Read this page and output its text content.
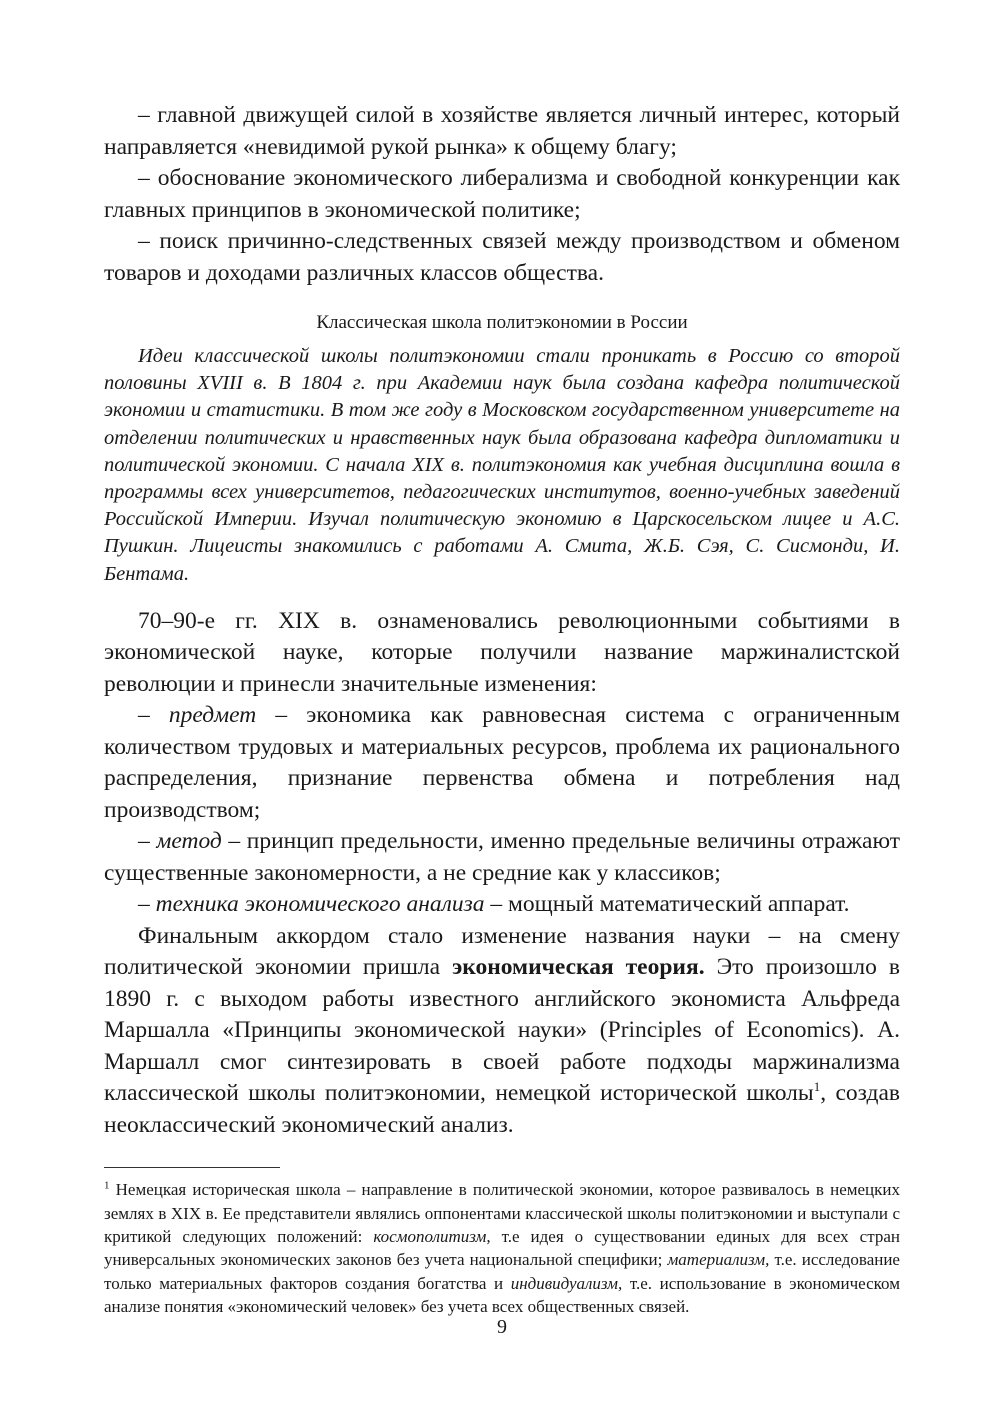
– главной движущей силой в хозяйстве является личный интерес, который направляется «невидимой рукой рынка» к общему благу;

– обоснование экономического либерализма и свободной конкуренции как главных принципов в экономической политике;

– поиск причинно-следственных связей между производством и обменом товаров и доходами различных классов общества.

Классическая школа политэкономии в России

Идеи классической школы политэкономии стали проникать в Россию со второй половины XVIII в. В 1804 г. при Академии наук была создана кафедра политической экономии и статистики. В том же году в Московском государственном университете на отделении политических и нравственных наук была образована кафедра дипломатики и политической экономии. С начала XIX в. политэкономия как учебная дисциплина вошла в программы всех университетов, педагогических институтов, военно-учебных заведений Российской Империи. Изучал политическую экономию в Царскосельском лицее и А.С. Пушкин. Лицеисты знакомились с работами А. Смита, Ж.Б. Сэя, С. Сисмонди, И. Бентама.

70–90-е гг. XIX в. ознаменовались революционными событиями в экономической науке, которые получили название маржиналистской революции и принесли значительные изменения:

– предмет – экономика как равновесная система с ограниченным количеством трудовых и материальных ресурсов, проблема их рационального распределения, признание первенства обмена и потребления над производством;

– метод – принцип предельности, именно предельные величины отражают существенные закономерности, а не средние как у классиков;

– техника экономического анализа – мощный математический аппарат.

Финальным аккордом стало изменение названия науки – на смену политической экономии пришла экономическая теория. Это произошло в 1890 г. с выходом работы известного английского экономиста Альфреда Маршалла «Принципы экономической науки» (Principles of Economics). А. Маршалл смог синтезировать в своей работе подходы маржинализма классической школы политэкономии, немецкой исторической школы$^1$, создав неоклассический экономический анализ.

$^1$ Немецкая историческая школа – направление в политической экономии, которое развивалось в немецких землях в XIX в. Ее представители являлись оппонентами классической школы политэкономии и выступали с критикой следующих положений: космополитизм, т.е идея о существовании единых для всех стран универсальных экономических законов без учета национальной специфики; материализм, т.е. исследование только материальных факторов создания богатства и индивидуализм, т.е. использование в экономическом анализе понятия «экономический человек» без учета всех общественных связей.

9
